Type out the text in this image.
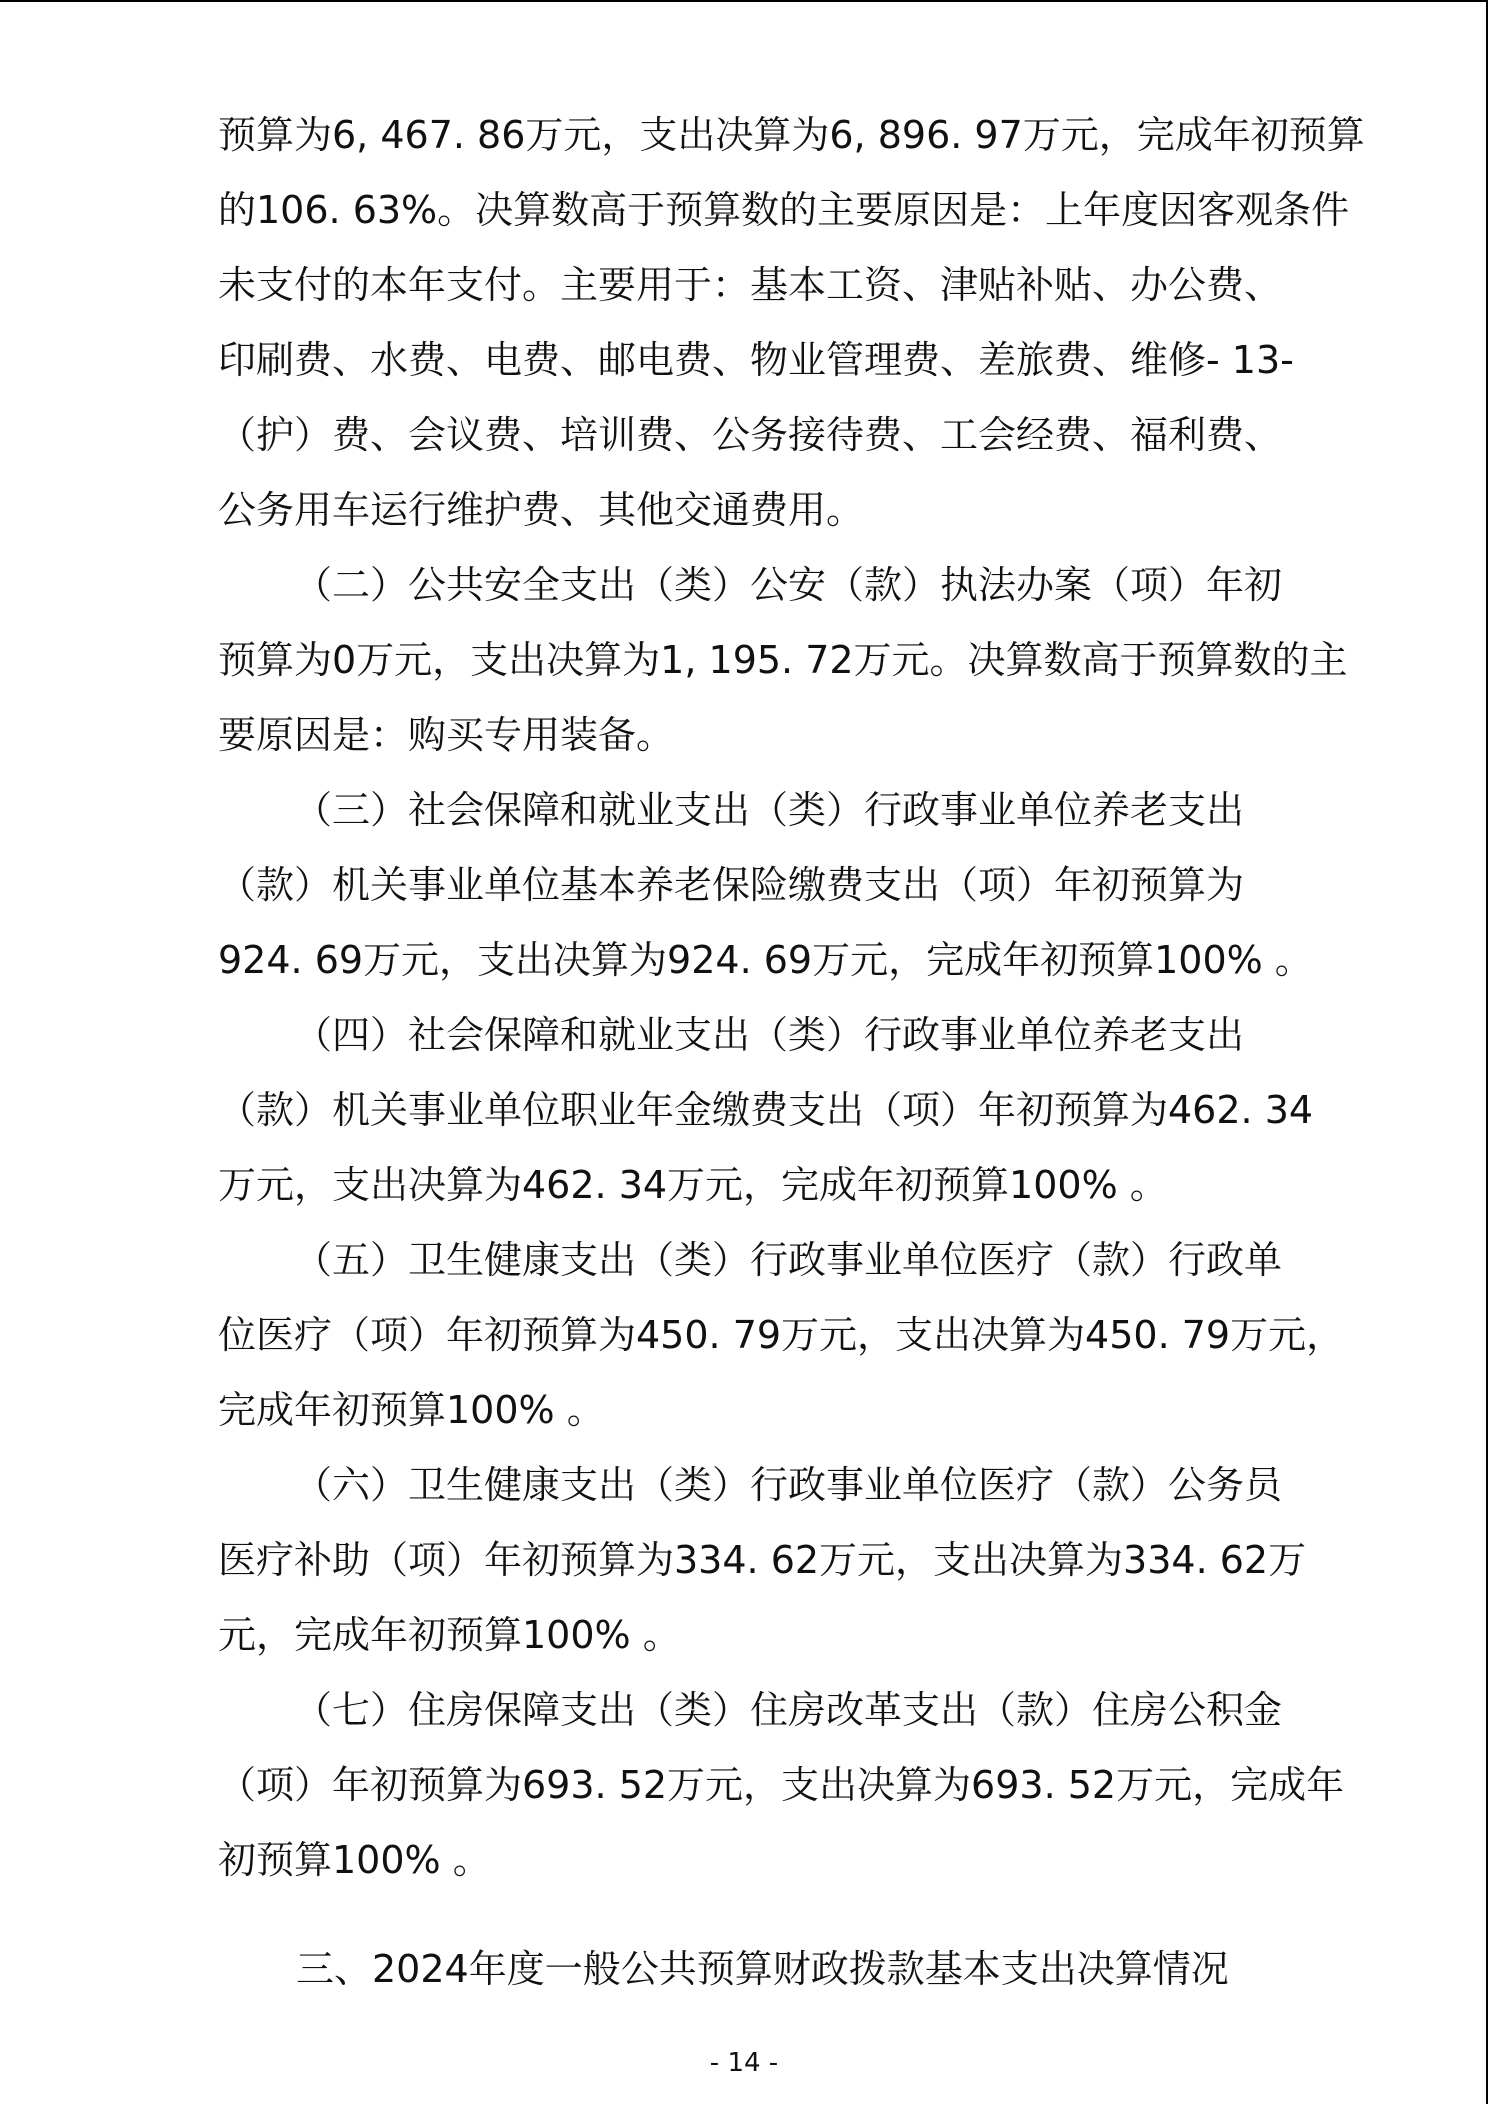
预算为6, 467. 86万元，支出决算为6, 896. 97万元，完成年初预算
的106. 63%。决算数高于预算数的主要原因是：上年度因客观条件
未支付的本年支付。主要用于：基本工资、津贴补贴、办公费、
印刷费、水费、电费、邮电费、物业管理费、差旅费、维修- 13-
（护）费、会议费、培训费、公务接待费、工会经费、福利费、
公务用车运行维护费、其他交通费用。
（二）公共安全支出（类）公安（款）执法办案（项）年初
预算为0万元，支出决算为1, 195. 72万元。决算数高于预算数的主
要原因是：购买专用装备。
（三）社会保障和就业支出（类）行政事业单位养老支出
（款）机关事业单位基本养老保险缴费支出（项）年初预算为
924. 69万元，支出决算为924. 69万元，完成年初预算100% 。
（四）社会保障和就业支出（类）行政事业单位养老支出
（款）机关事业单位职业年金缴费支出（项）年初预算为462. 34
万元，支出决算为462. 34万元，完成年初预算100% 。
（五）卫生健康支出（类）行政事业单位医疗（款）行政单
位医疗（项）年初预算为450. 79万元，支出决算为450. 79万元，
完成年初预算100% 。
（六）卫生健康支出（类）行政事业单位医疗（款）公务员
医疗补助（项）年初预算为334. 62万元，支出决算为334. 62万
元，完成年初预算100% 。
（七）住房保障支出（类）住房改革支出（款）住房公积金
（项）年初预算为693. 52万元，支出决算为693. 52万元，完成年
初预算100% 。
三、2024年度一般公共预算财政拨款基本支出决算情况
- 14 -
